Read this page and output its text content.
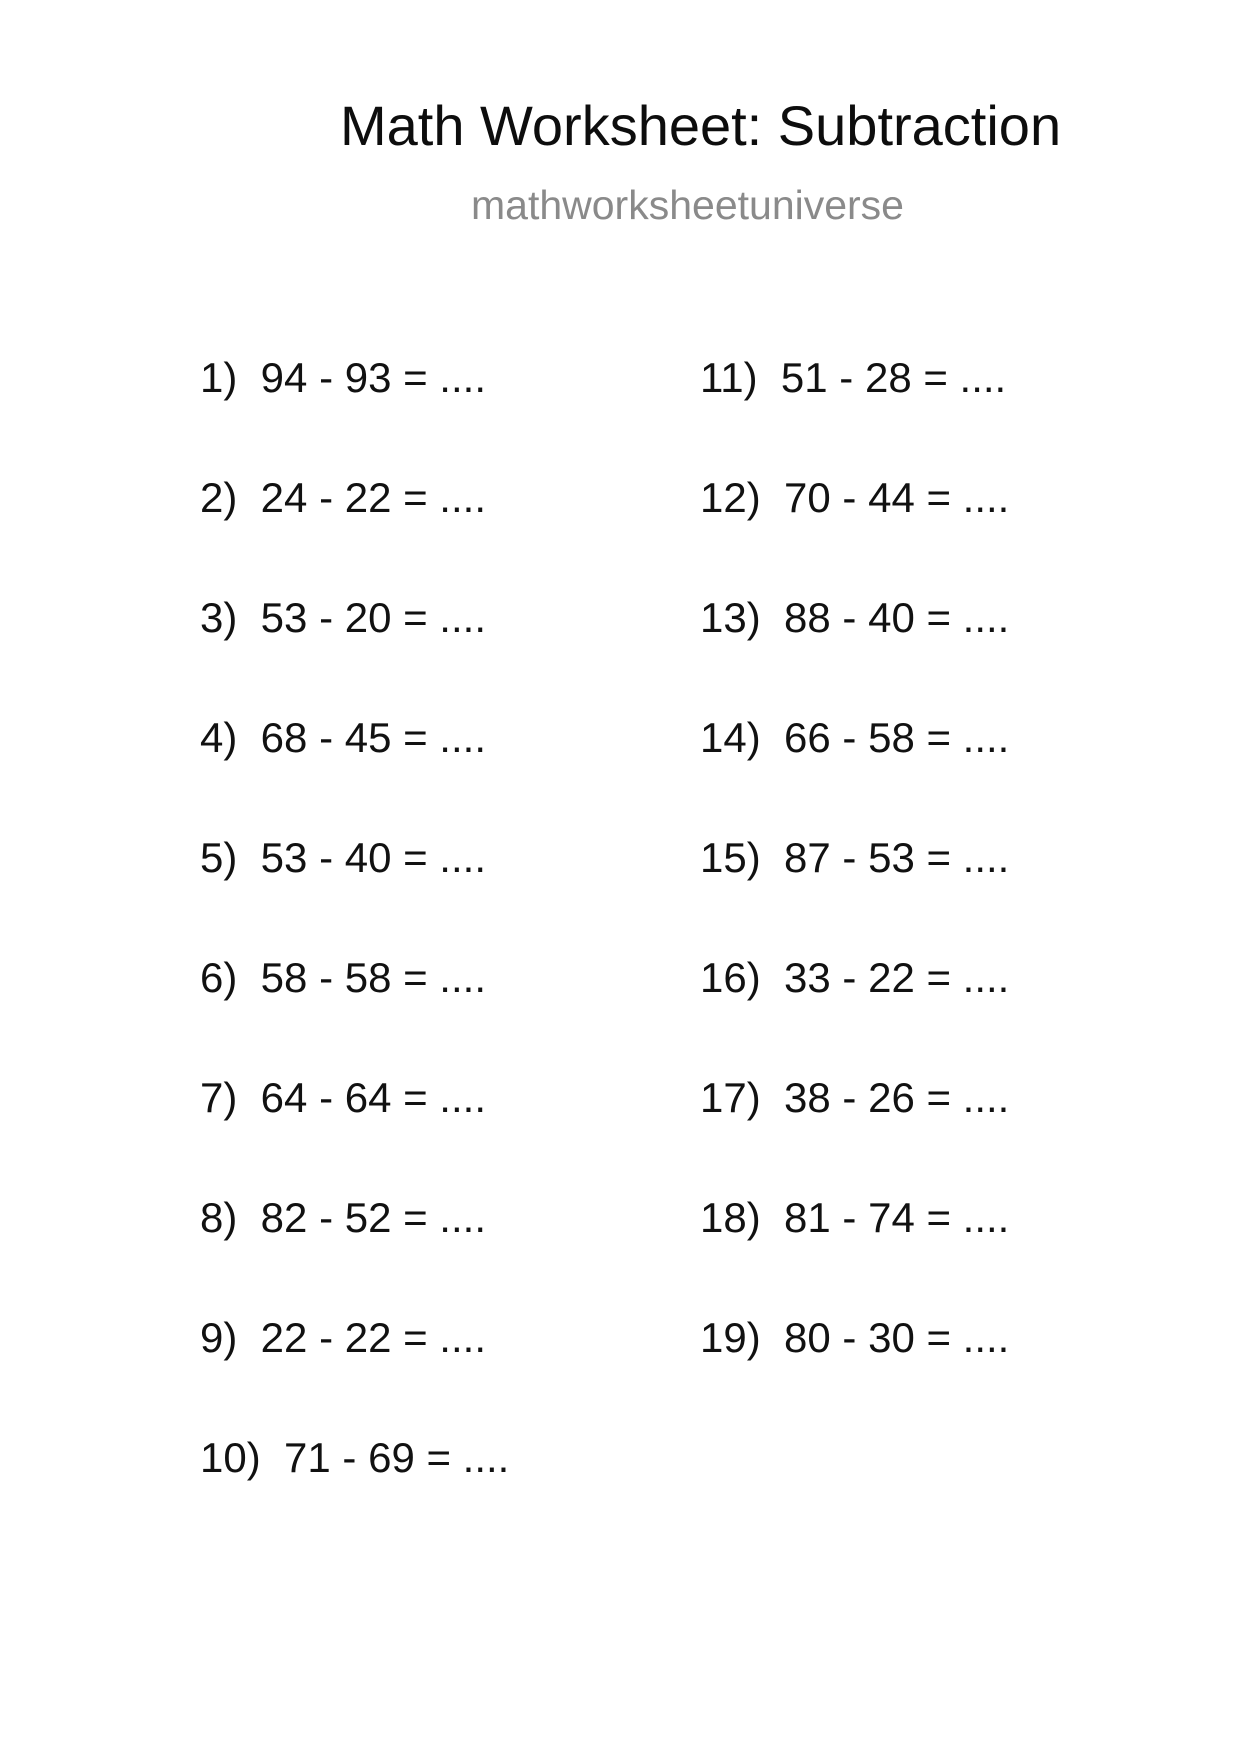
Math Worksheet: Subtraction
mathworksheetuniverse
1)  94 - 93 = ....
2)  24 - 22 = ....
3)  53 - 20 = ....
4)  68 - 45 = ....
5)  53 - 40 = ....
6)  58 - 58 = ....
7)  64 - 64 = ....
8)  82 - 52 = ....
9)  22 - 22 = ....
10)  71 - 69 = ....
11)  51 - 28 = ....
12)  70 - 44 = ....
13)  88 - 40 = ....
14)  66 - 58 = ....
15)  87 - 53 = ....
16)  33 - 22 = ....
17)  38 - 26 = ....
18)  81 - 74 = ....
19)  80 - 30 = ....
